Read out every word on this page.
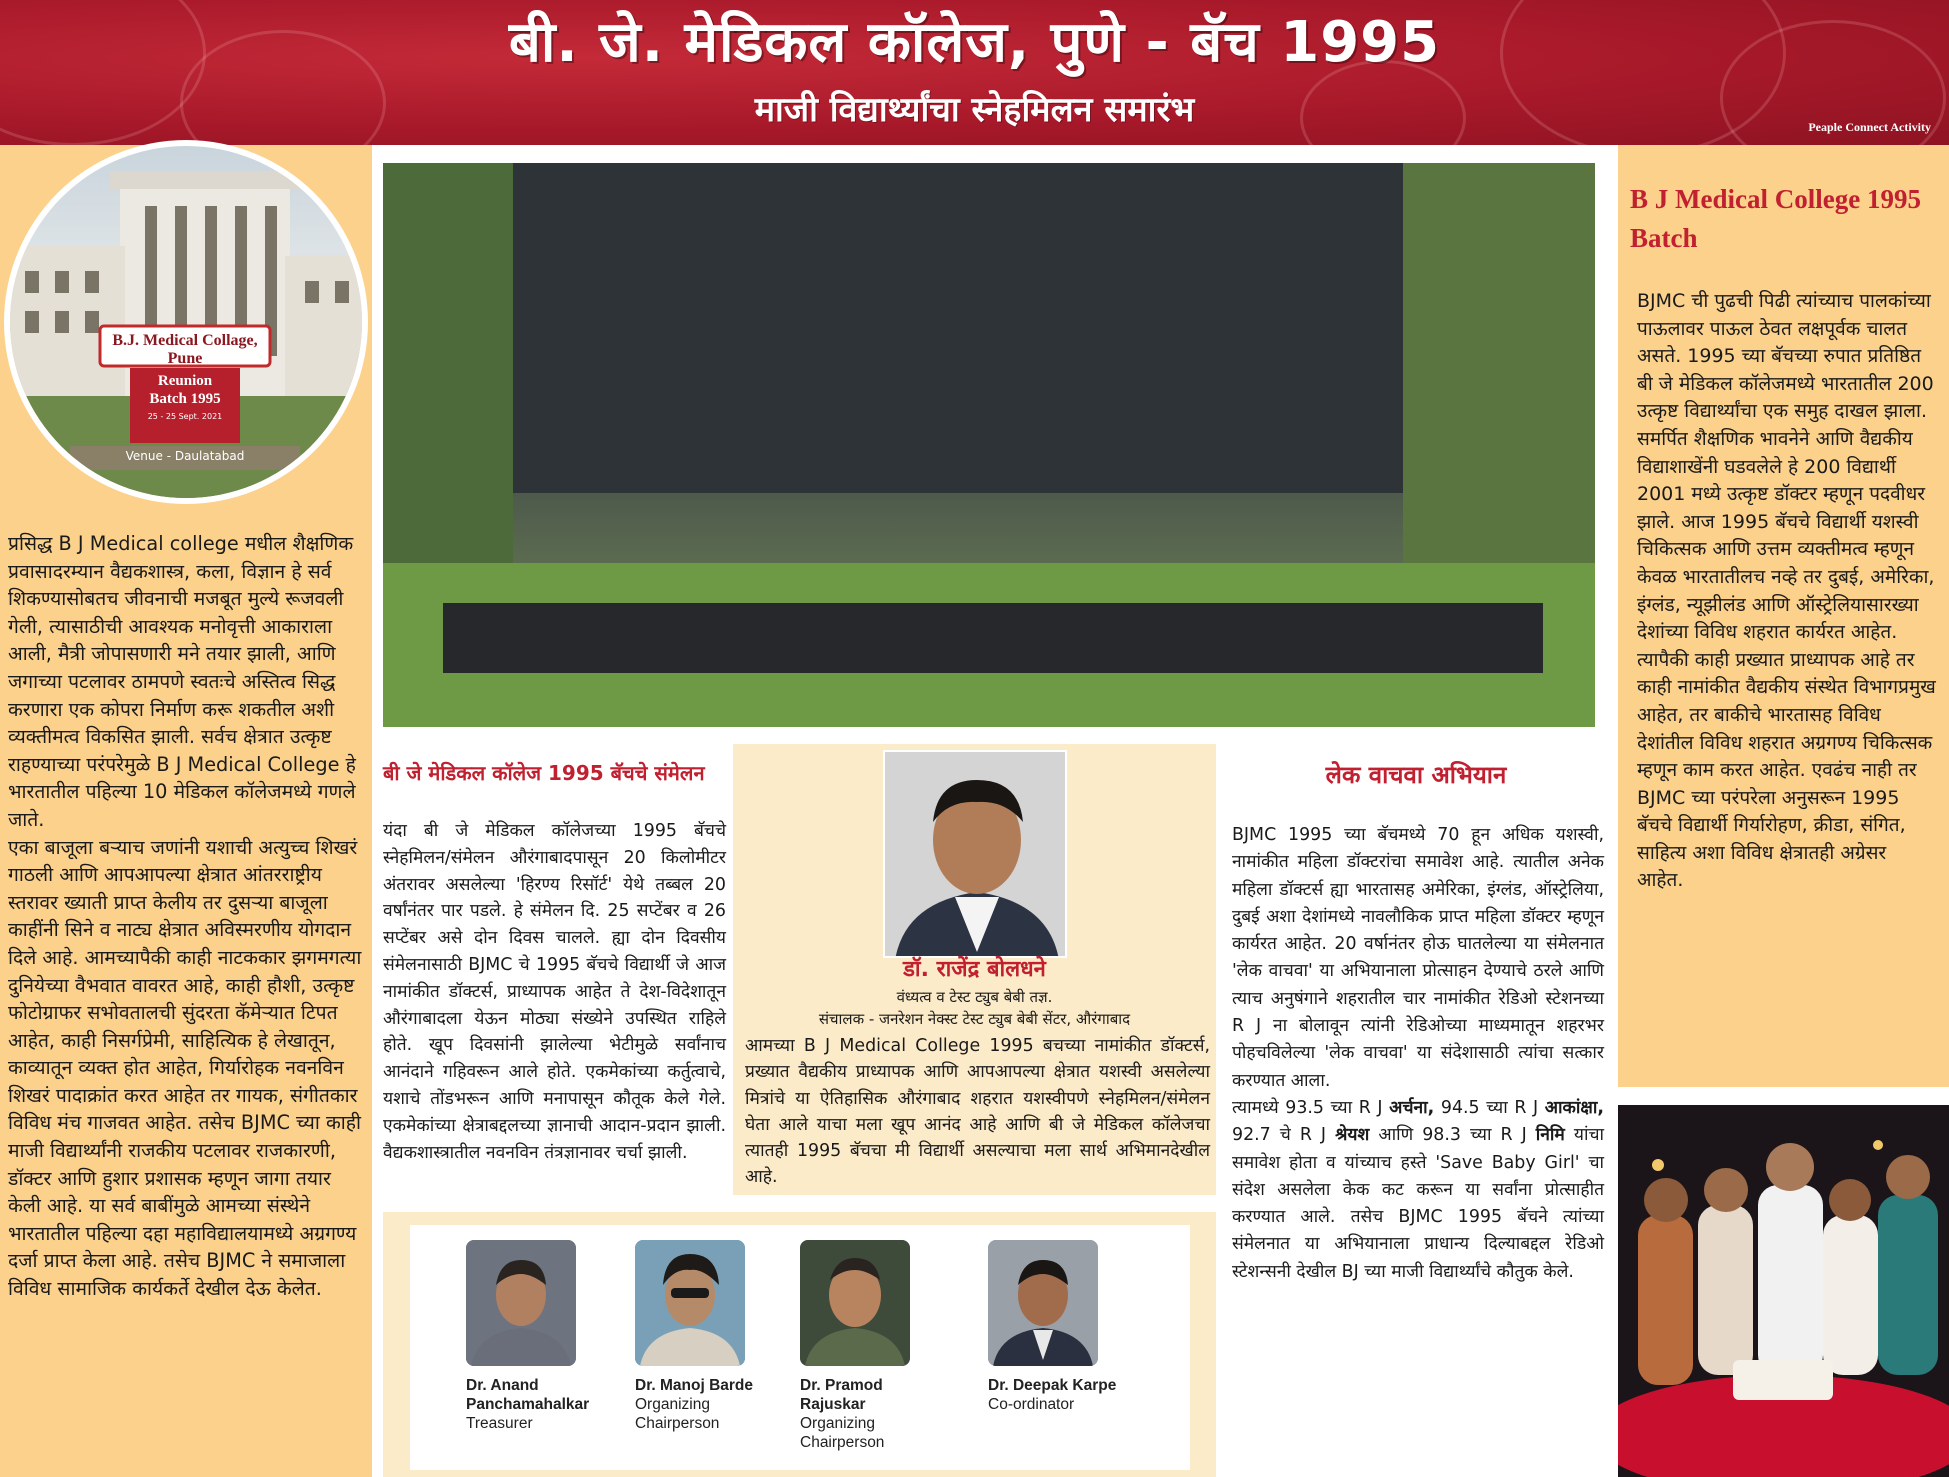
बी. जे. मेडिकल कॉलेज, पुणे - बॅच 1995
माजी विद्यार्थ्यांचा स्नेहमिलन समारंभ	Peaple Connect Activity
B.J. Medical Collage, Pune
Reunion
Batch 1995
25 - 25 Sept. 2021
Venue - Daulatabad
प्रसिद्ध B J Medical college मधील शैक्षणिक प्रवासादरम्यान वैद्यकशास्त्र, कला, विज्ञान हे सर्व शिकण्यासोबतच जीवनाची मजबूत मुल्ये रूजवली गेली, त्यासाठीची आवश्यक मनोवृत्ती आकाराला आली, मैत्री जोपासणारी मने तयार झाली, आणि जगाच्या पटलावर ठामपणे स्वतःचे अस्तित्व सिद्ध करणारा एक कोपरा निर्माण करू शकतील अशी व्यक्तीमत्व विकसित झाली. सर्वच क्षेत्रात उत्कृष्ट राहण्याच्या परंपरेमुळे B J Medical College हे भारतातील पहिल्या 10 मेडिकल कॉलेजमध्ये गणले जाते.
एका बाजूला बऱ्याच जणांनी यशाची अत्युच्च शिखरं गाठली आणि आपआपल्या क्षेत्रात आंतरराष्ट्रीय स्तरावर ख्याती प्राप्त केलीय तर दुसऱ्या बाजूला काहींनी सिने व नाट्य क्षेत्रात अविस्मरणीय योगदान दिले आहे. आमच्यापैकी काही नाटककार झगमगत्या दुनियेच्या वैभवात वावरत आहे, काही हौशी, उत्कृष्ट फोटोग्राफर सभोवतालची सुंदरता कॅमेऱ्यात टिपत आहेत, काही निसर्गप्रेमी, साहित्यिक हे लेखातून, काव्यातून व्यक्त होत आहेत, गिर्यारोहक नवनविन शिखरं पादाक्रांत करत आहेत तर गायक, संगीतकार विविध मंच गाजवत आहेत. तसेच BJMC च्या काही माजी विद्यार्थ्यांनी राजकीय पटलावर राजकारणी, डॉक्टर आणि हुशार प्रशासक म्हणून जागा तयार केली आहे. या सर्व बाबींमुळे आमच्या संस्थेने भारतातील पहिल्या दहा महाविद्यालयामध्ये अग्रगण्य दर्जा प्राप्त केला आहे. तसेच BJMC ने समाजाला विविध सामाजिक कार्यकर्ते देखील देऊ केलेत.
B J Medical College 1995 Batch
BJMC ची पुढची पिढी त्यांच्याच पालकांच्या पाऊलावर पाऊल ठेवत लक्षपूर्वक चालत असते. 1995 च्या बॅचच्या रुपात प्रतिष्ठित बी जे मेडिकल कॉलेजमध्ये भारतातील 200 उत्कृष्ट विद्यार्थ्यांचा एक समुह दाखल झाला. समर्पित शैक्षणिक भावनेने आणि वैद्यकीय विद्याशाखेंनी घडवलेले हे 200 विद्यार्थी 2001 मध्ये उत्कृष्ट डॉक्टर म्हणून पदवीधर झाले. आज 1995 बॅचचे विद्यार्थी यशस्वी चिकित्सक आणि उत्तम व्यक्तीमत्व म्हणून केवळ भारतातीलच नव्हे तर दुबई, अमेरिका, इंग्लंड, न्यूझीलंड आणि ऑस्ट्रेलियासारख्या देशांच्या विविध शहरात कार्यरत आहेत. त्यापैकी काही प्रख्यात प्राध्यापक आहे तर काही नामांकीत वैद्यकीय संस्थेत विभागप्रमुख आहेत, तर बाकीचे भारतासह विविध देशांतील विविध शहरात अग्रगण्य चिकित्सक म्हणून काम करत आहेत. एवढंच नाही तर BJMC च्या परंपरेला अनुसरून 1995 बॅचचे विद्यार्थी गिर्यारोहण, क्रीडा, संगित, साहित्य अशा विविध क्षेत्रातही अग्रेसर आहेत.
बी जे मेडिकल कॉलेज 1995 बॅचचे संमेलन
यंदा बी जे मेडिकल कॉलेजच्या 1995 बॅचचे स्नेहमिलन/संमेलन औरंगाबादपासून 20 किलोमीटर अंतरावर असलेल्या 'हिरण्य रिसॉर्ट' येथे तब्बल 20 वर्षांनंतर पार पडले. हे संमेलन दि. 25 सप्टेंबर व 26 सप्टेंबर असे दोन दिवस चालले. ह्या दोन दिवसीय संमेलनासाठी BJMC चे 1995 बॅचचे विद्यार्थी जे आज नामांकीत डॉक्टर्स, प्राध्यापक आहेत ते देश-विदेशातून औरंगाबादला येऊन मोठ्या संख्येने उपस्थित राहिले होते. खूप दिवसांनी झालेल्या भेटीमुळे सर्वांनाच आनंदाने गहिवरून आले होते. एकमेकांच्या कर्तुत्वाचे, यशाचे तोंडभरून आणि मनापासून कौतूक केले गेले. एकमेकांच्या क्षेत्राबद्दलच्या ज्ञानाची आदान-प्रदान झाली. वैद्यकशास्त्रातील नवनविन तंत्रज्ञानावर चर्चा झाली.
डॉ. राजेंद्र बोलधने
वंध्यत्व व टेस्ट ट्युब बेबी तज्ञ.
संचालक - जनरेशन नेक्स्ट टेस्ट ट्युब बेबी सेंटर, औरंगाबाद
आमच्या B J Medical College 1995 बचच्या नामांकीत डॉक्टर्स, प्रख्यात वैद्यकीय प्राध्यापक आणि आपआपल्या क्षेत्रात यशस्वी असलेल्या मित्रांचे या ऐतिहासिक औरंगाबाद शहरात यशस्वीपणे स्नेहमिलन/संमेलन घेता आले याचा मला खूप आनंद आहे आणि बी जे मेडिकल कॉलेजचा त्यातही 1995 बॅचचा मी विद्यार्थी असल्याचा मला सार्थ अभिमानदेखील आहे.
Dr. Anand
Panchamahalkar
Treasurer
Dr. Manoj Barde
Organizing
Chairperson
Dr. Pramod Rajuskar
Organizing
Chairperson
Dr. Deepak Karpe
Co-ordinator
लेक वाचवा अभियान
BJMC 1995 च्या बॅचमध्ये 70 हून अधिक यशस्वी, नामांकीत महिला डॉक्टरांचा समावेश आहे. त्यातील अनेक महिला डॉक्टर्स ह्या भारतासह अमेरिका, इंग्लंड, ऑस्ट्रेलिया, दुबई अशा देशांमध्ये नावलौकिक प्राप्त महिला डॉक्टर म्हणून कार्यरत आहेत. 20 वर्षानंतर होऊ घातलेल्या या संमेलनात 'लेक वाचवा' या अभियानाला प्रोत्साहन देण्याचे ठरले आणि त्याच अनुषंगाने शहरातील चार नामांकीत रेडिओ स्टेशनच्या R J ना बोलावून त्यांनी रेडिओच्या माध्यमातून शहरभर पोहचविलेल्या 'लेक वाचवा' या संदेशासाठी त्यांचा सत्कार करण्यात आला.
त्यामध्ये 93.5 च्या R J अर्चना, 94.5 च्या R J आकांक्षा, 92.7 चे R J श्रेयश आणि 98.3 च्या R J निमि यांचा समावेश होता व यांच्याच हस्ते 'Save Baby Girl' चा संदेश असलेला केक कट करून या सर्वांना प्रोत्साहीत करण्यात आले. तसेच BJMC 1995 बॅचने त्यांच्या संमेलनात या अभियानाला प्राधान्य दिल्याबद्दल रेडिओ स्टेशन्सनी देखील BJ च्या माजी विद्यार्थ्यांचे कौतुक केले.
